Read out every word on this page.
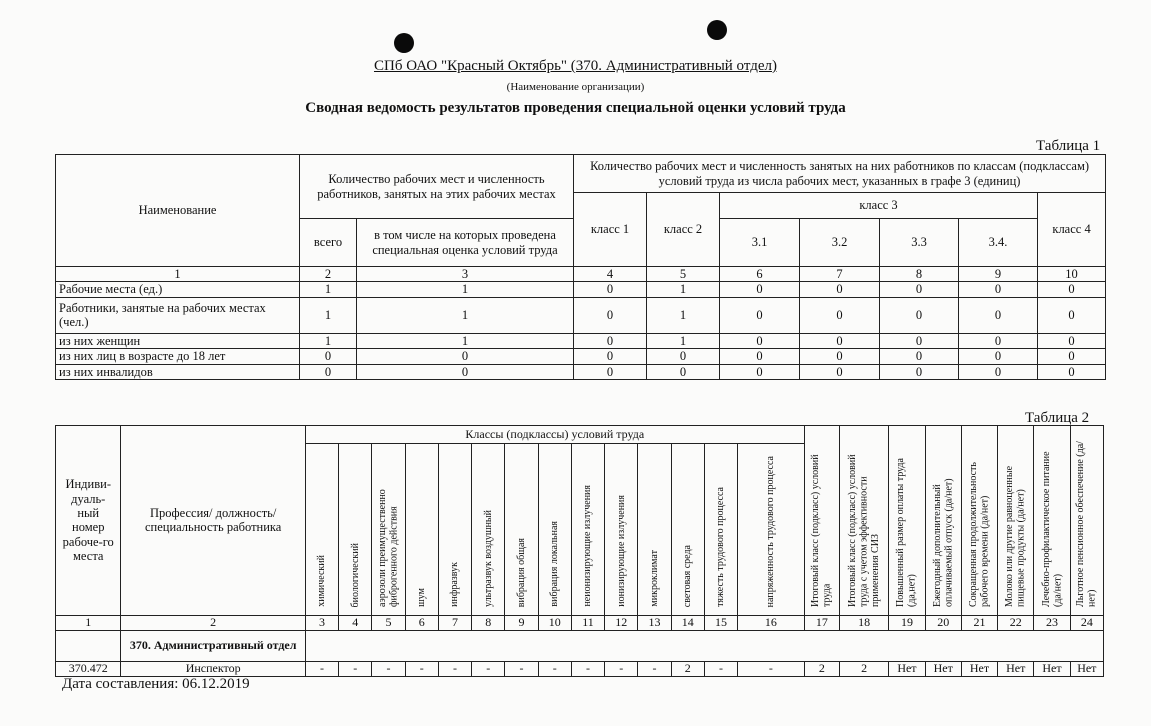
СПб ОАО "Красный Октябрь" (370. Административный отдел)
(Наименование организации)
Сводная ведомость результатов проведения специальной оценки условий труда
Таблица 1
Наименование	Количество рабочих мест и численность работников, занятых на этих рабочих местах		Количество рабочих мест и численность занятых на них работников по классам (подклассам) условий труда из числа рабочих мест, указанных в графе 3 (единиц)						
			класс 1	класс 2	класс 3				класс 4
	всего	в том числе на которых проведена специальная оценка условий труда			3.1	3.2	3.3	3.4.	
1	2	3	4	5	6	7	8	9	10
Рабочие места (ед.)	1	1	0	1	0	0	0	0	0
Работники, занятые на рабочих местах (чел.)	1	1	0	1	0	0	0	0	0
из них женщин	1	1	0	1	0	0	0	0	0
из них лиц в возрасте до 18 лет	0	0	0	0	0	0	0	0	0
из них инвалидов	0	0	0	0	0	0	0	0	0
Таблица 2
Индиви-дуаль-ный номер рабоче-го места	Профессия/ должность/ специальность работника	Классы (подклассы) условий труда														Итоговый класс (подкласс) условий труда	Итоговый класс (подкласс) условий труда с учетом эффективности применения СИЗ	Повышенный размер оплаты труда (да,нет)	Ежегодный дополнительный оплачиваемый отпуск (да/нет)	Сокращенная продолжительность рабочего времени (да/нет)	Молоко или другие равноценные пищевые продукты (да/нет)	Лечебно-профилактическое питание (да/нет)	Льготное пенсионное обеспечение (да/нет)
		химический	биологический	аэрозоли преимущественно фиброгенного действия	шум	инфразвук	ультразвук воздушный	вибрация общая	вибрация локальная	неионизирующие излучения	ионизирующие излучения	микроклимат	световая среда	тяжесть трудового процесса	напряженность трудового процесса								
1	2	3	4	5	6	7	8	9	10	11	12	13	14	15	16	17	18	19	20	21	22	23	24
	370. Административный отдел																						
370.472	Инспектор	-	-	-	-	-	-	-	-	-	-	-	2	-	-	2	2	Нет	Нет	Нет	Нет	Нет	Нет
Дата составления: 06.12.2019
